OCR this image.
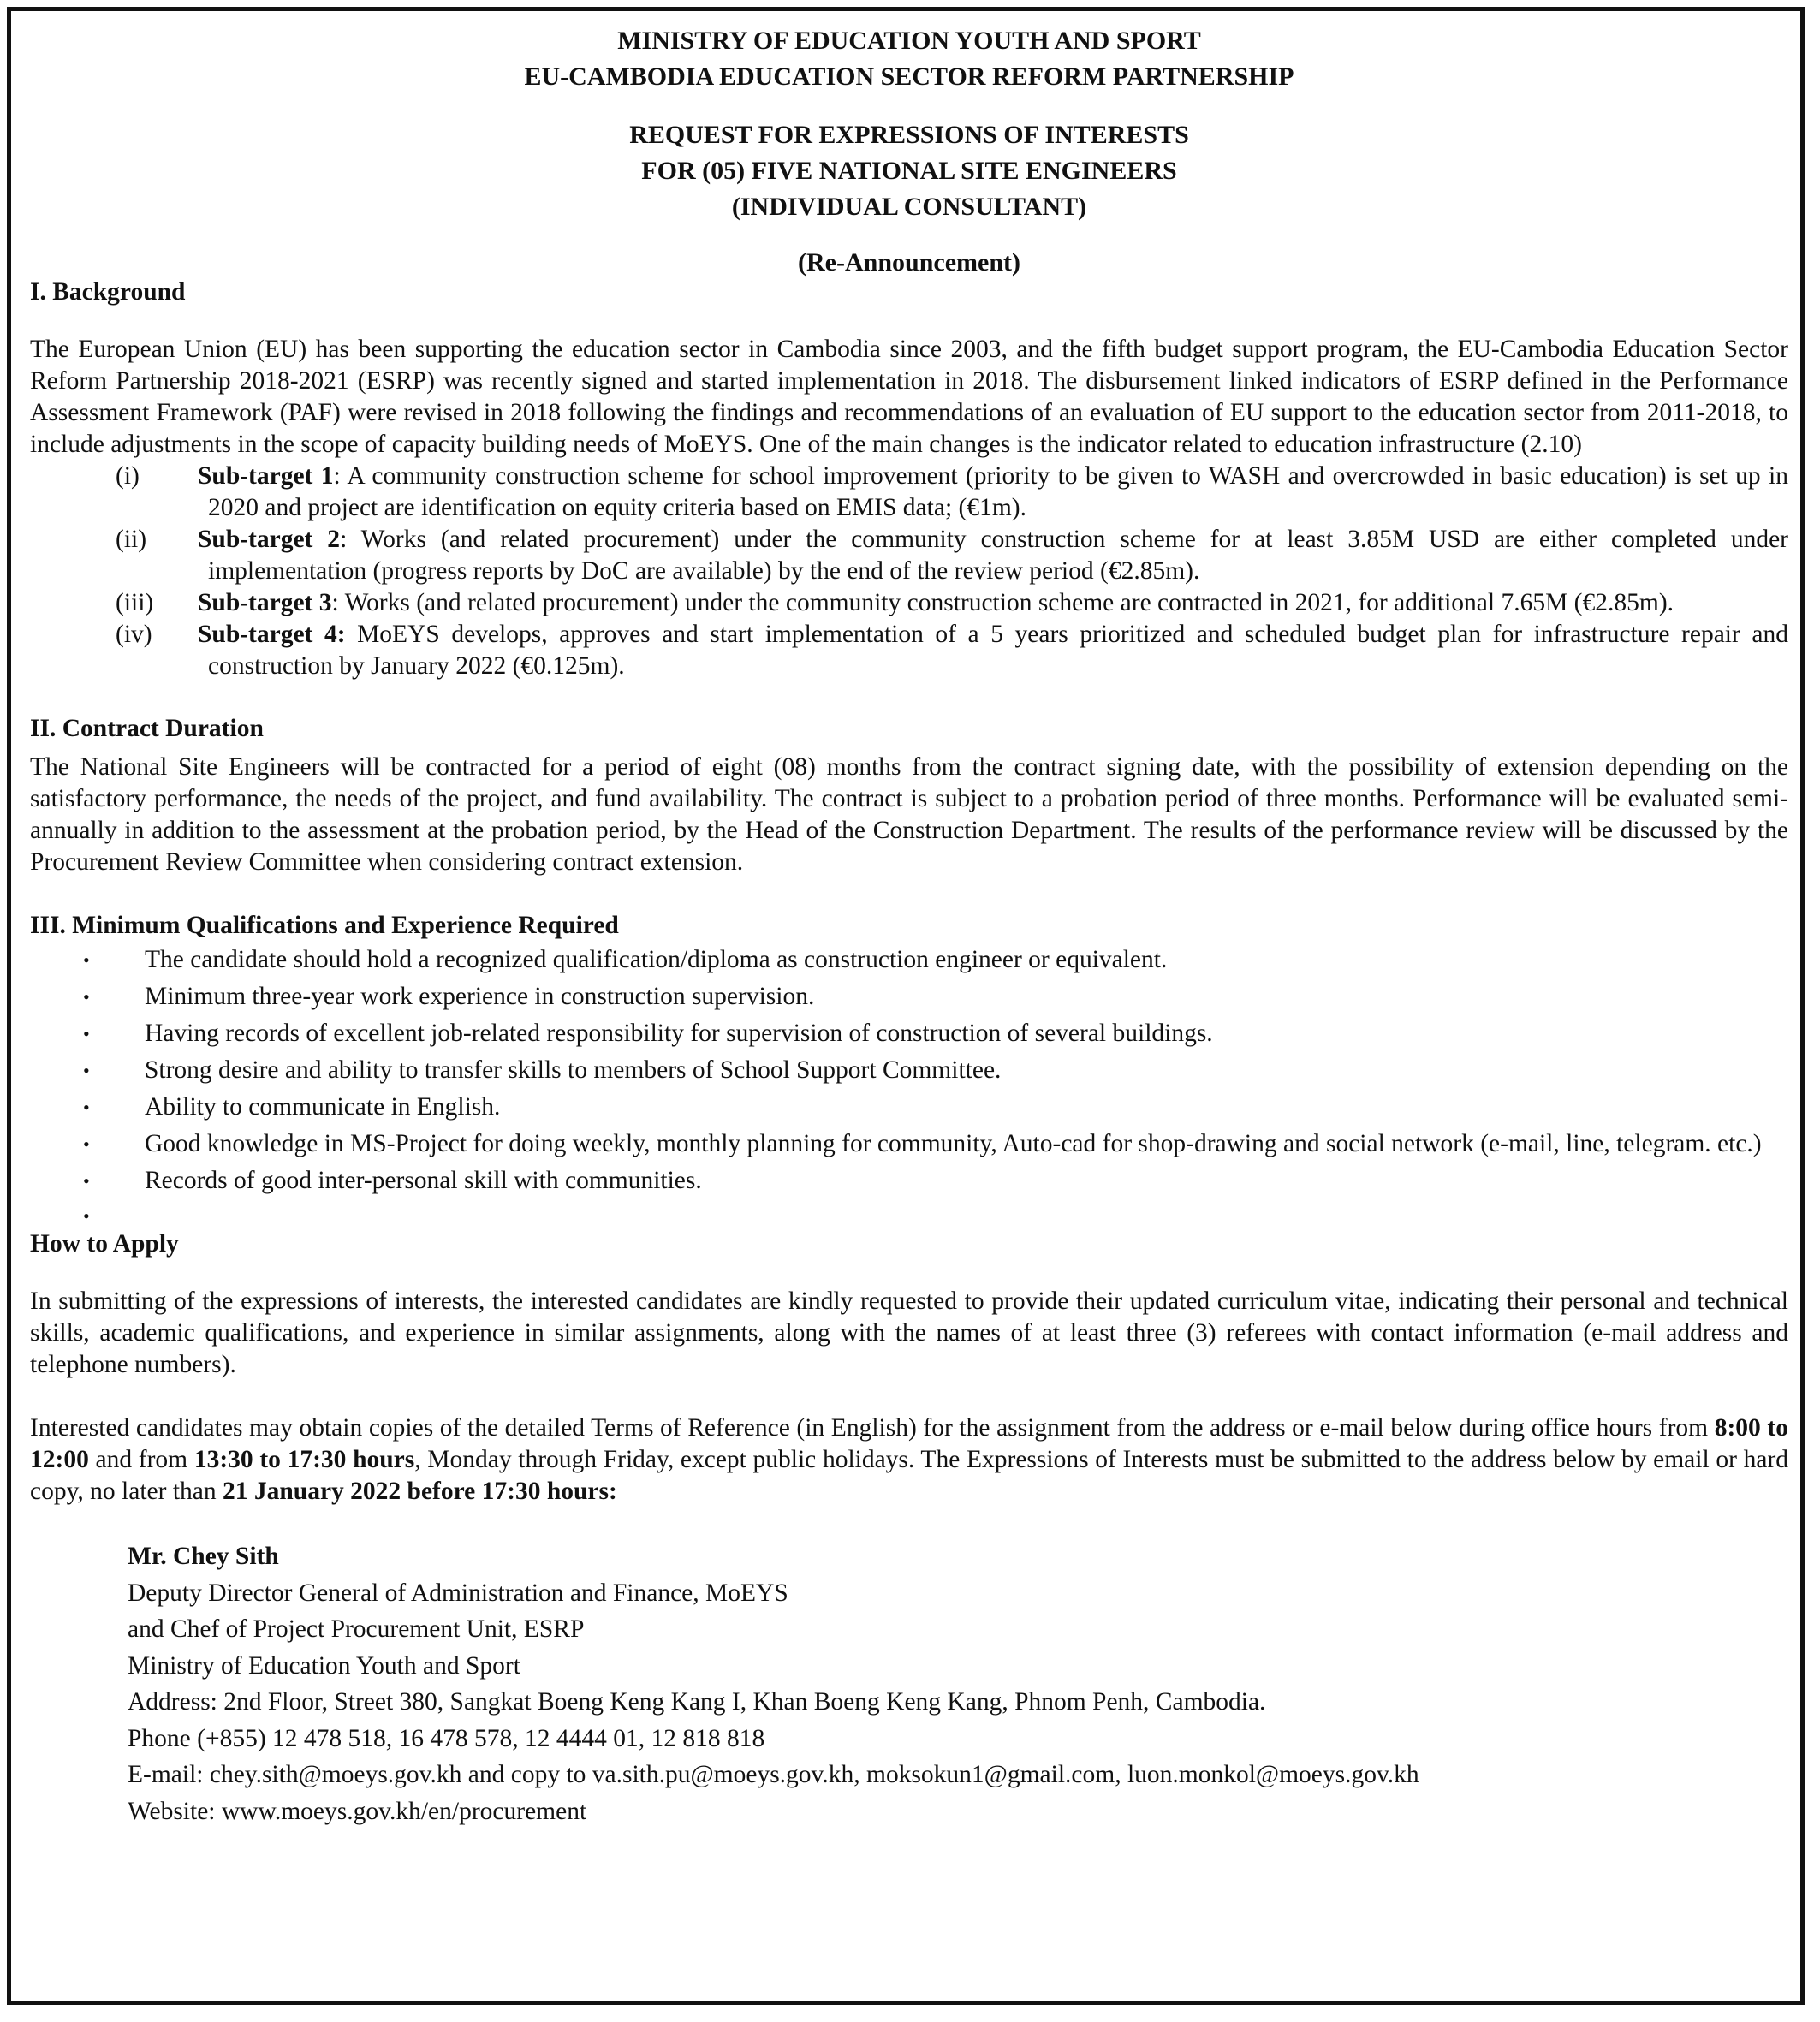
MINISTRY OF EDUCATION YOUTH AND SPORT

EU-CAMBODIA EDUCATION SECTOR REFORM PARTNERSHIP

REQUEST FOR EXPRESSIONS OF INTERESTS

FOR (05) FIVE NATIONAL SITE ENGINEERS

(INDIVIDUAL CONSULTANT)

(Re-Announcement)

I. Background

The European Union (EU) has been supporting the education sector in Cambodia since 2003, and the fifth budget support program, the EU-Cambodia Education Sector Reform Partnership 2018-2021 (ESRP) was recently signed and started implementation in 2018. The disbursement linked indicators of ESRP defined in the Performance Assessment Framework (PAF) were revised in 2018 following the findings and recommendations of an evaluation of EU support to the education sector from 2011-2018, to include adjustments in the scope of capacity building needs of MoEYS. One of the main changes is the indicator related to education infrastructure (2.10)

(i) Sub-target 1: A community construction scheme for school improvement (priority to be given to WASH and overcrowded in basic education) is set up in 2020 and project are identification on equity criteria based on EMIS data; (€1m).
(ii) Sub-target 2: Works (and related procurement) under the community construction scheme for at least 3.85M USD are either completed under implementation (progress reports by DoC are available) by the end of the review period (€2.85m).
(iii) Sub-target 3: Works (and related procurement) under the community construction scheme are contracted in 2021, for additional 7.65M (€2.85m).
(iv) Sub-target 4: MoEYS develops, approves and start implementation of a 5 years prioritized and scheduled budget plan for infrastructure repair and construction by January 2022 (€0.125m).

II. Contract Duration

The National Site Engineers will be contracted for a period of eight (08) months from the contract signing date, with the possibility of extension depending on the satisfactory performance, the needs of the project, and fund availability. The contract is subject to a probation period of three months. Performance will be evaluated semi-annually in addition to the assessment at the probation period, by the Head of the Construction Department. The results of the performance review will be discussed by the Procurement Review Committee when considering contract extension.

III. Minimum Qualifications and Experience Required

• The candidate should hold a recognized qualification/diploma as construction engineer or equivalent.
• Minimum three-year work experience in construction supervision.
• Having records of excellent job-related responsibility for supervision of construction of several buildings.
• Strong desire and ability to transfer skills to members of School Support Committee.
• Ability to communicate in English.
• Good knowledge in MS-Project for doing weekly, monthly planning for community, Auto-cad for shop-drawing and social network (e-mail, line, telegram. etc.)
• Records of good inter-personal skill with communities.
•

How to Apply

In submitting of the expressions of interests, the interested candidates are kindly requested to provide their updated curriculum vitae, indicating their personal and technical skills, academic qualifications, and experience in similar assignments, along with the names of at least three (3) referees with contact information (e-mail address and telephone numbers).

Interested candidates may obtain copies of the detailed Terms of Reference (in English) for the assignment from the address or e-mail below during office hours from 8:00 to 12:00 and from 13:30 to 17:30 hours, Monday through Friday, except public holidays. The Expressions of Interests must be submitted to the address below by email or hard copy, no later than 21 January 2022 before 17:30 hours:

Mr. Chey Sith

Deputy Director General of Administration and Finance, MoEYS

and Chef of Project Procurement Unit, ESRP

Ministry of Education Youth and Sport

Address: 2nd Floor, Street 380, Sangkat Boeng Keng Kang I, Khan Boeng Keng Kang, Phnom Penh, Cambodia.

Phone (+855) 12 478 518, 16 478 578, 12 4444 01, 12 818 818

E-mail: chey.sith@moeys.gov.kh and copy to va.sith.pu@moeys.gov.kh, moksokun1@gmail.com, luon.monkol@moeys.gov.kh

Website: www.moeys.gov.kh/en/procurement
